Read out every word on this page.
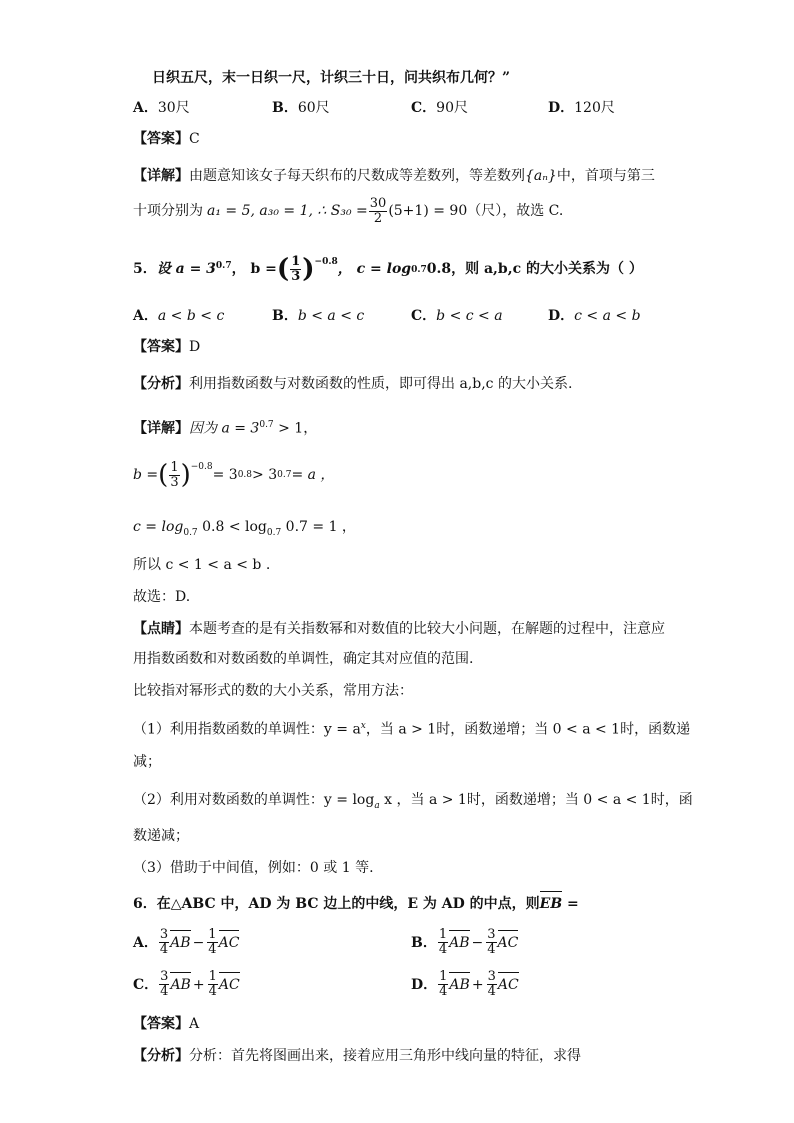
日织五尺，末一日织一尺，计织三十日，问共织布几何？”
A．30尺	B．60尺	C．90尺	D．120尺
【答案】C
【详解】由题意知该女子每天织布的尺数成等差数列，等差数列{aₙ}中，首项与第三
十项分别为 a₁ = 5, a₃₀ = 1, ∴ $S_{30} = \frac{30}{2} (5+1) = 90$ （尺），故选 C.
5． 设 $a = 3^{0.7}$ ， b = ( $\frac{1}{3} )^{-0.8}$ ， c = log 0.7 0.8 ，则 a,b,c 的大小关系为（ ）
A．a < b < c	B．b < a < c	C．b < c < a	D．c < a < b
【答案】D
【分析】利用指数函数与对数函数的性质，即可得出 a,b,c 的大小关系.
【详解】因为 $a = 3^{0.7} > 1$，
b = ( $\frac{1}{3} )^{-0.8} = 3$ 0.8 > 3 0.7 = a ，
$c = \log_{0.7} 0.8 < \log_{0.7} 0.7 = 1$ ，
所以 c < 1 < a < b .
故选：D.
【点睛】本题考查的是有关指数幂和对数值的比较大小问题，在解题的过程中，注意应
用指数函数和对数函数的单调性，确定其对应值的范围.
比较指对幂形式的数的大小关系，常用方法：
（1）利用指数函数的单调性：$y = a^x$，当 a > 1时，函数递增；当 0 < a < 1时，函数递
减；
（2）利用对数函数的单调性：$y = \log_a x$ ，当 a > 1时，函数递增；当 0 < a < 1时，函
数递减；
（3）借助于中间值，例如：0 或 1 等.
6．在△ABC 中，AD 为 BC 边上的中线，E 为 AD 的中点，则EB =
A． $\frac{3}{4}$ AB − $\frac{1}{4}$ AC	B． $\frac{1}{4}$ AB − $\frac{3}{4}$ AC
C． $\frac{3}{4}$ AB + $\frac{1}{4}$ AC	D． $\frac{1}{4}$ AB + $\frac{3}{4}$ AC
【答案】A
【分析】分析：首先将图画出来，接着应用三角形中线向量的特征，求得
